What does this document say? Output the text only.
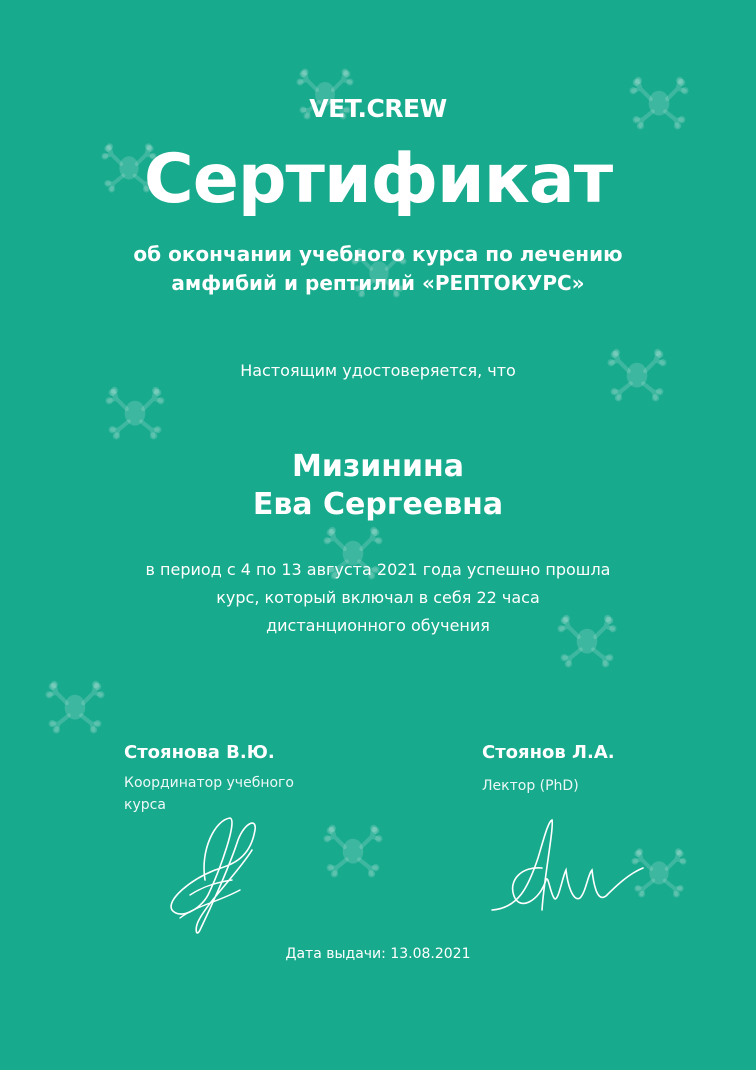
VET.CREW
Сертификат
об окончании учебного курса по лечению
амфибий и рептилий «РЕПТОКУРС»
Настоящим удостоверяется, что
Мизинина
Ева Сергеевна
в период с 4 по 13 августа 2021 года успешно прошла
курс, который включал в себя 22 часа
дистанционного обучения
Стоянова В.Ю.
Координатор учебного
курса
Стоянов Л.А.
Лектор (PhD)
Дата выдачи: 13.08.2021
